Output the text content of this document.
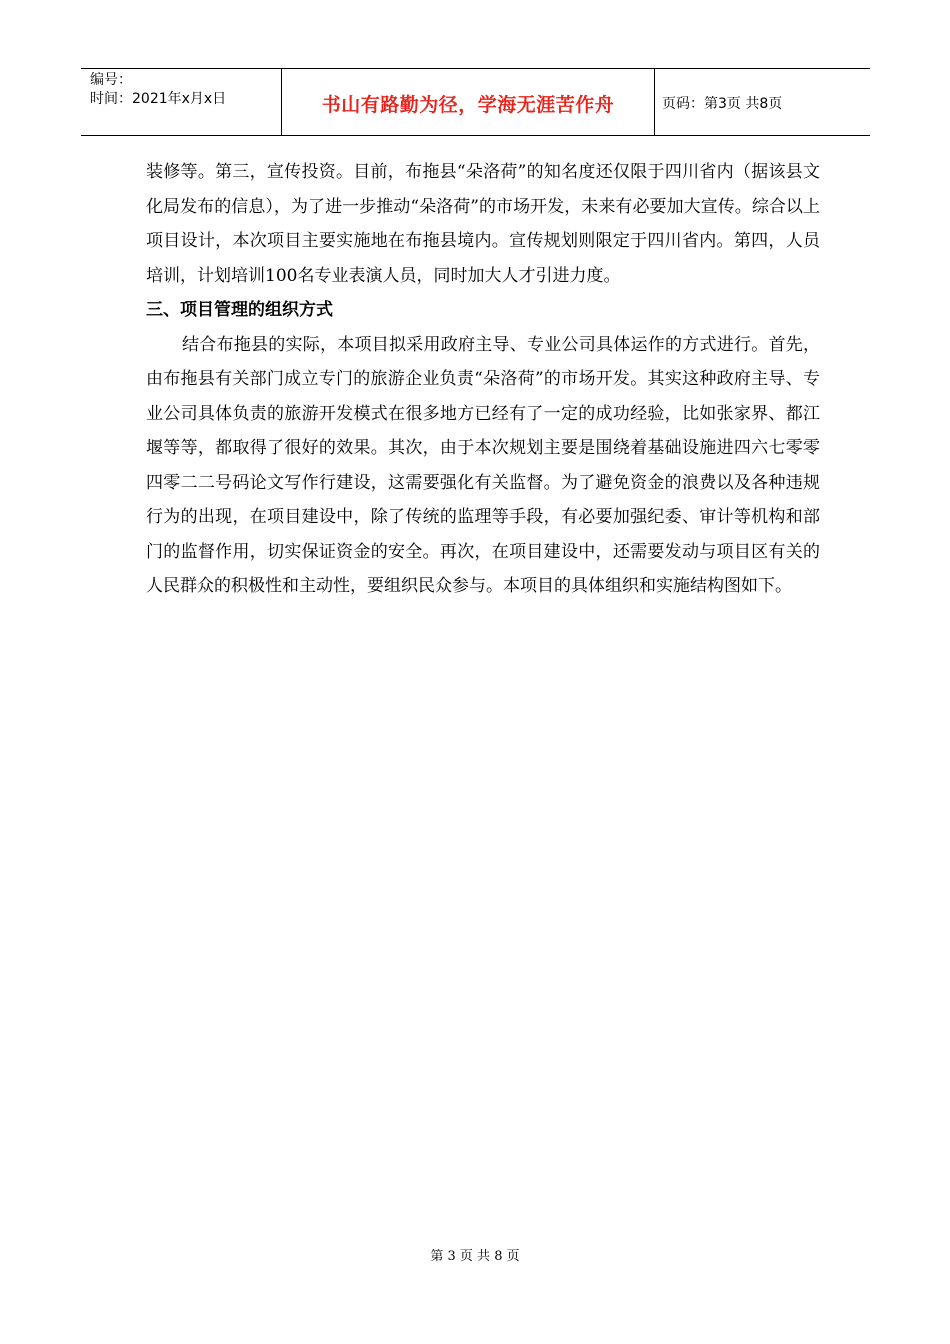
编号：
时间：2021年x月x日	书山有路勤为径，学海无涯苦作舟	页码：第3页 共8页

装修等。第三，宣传投资。目前，布拖县“朵洛荷”的知名度还仅限于四川省内（据该县文化局发布的信息），为了进一步推动“朵洛荷”的市场开发，未来有必要加大宣传。综合以上项目设计，本次项目主要实施地在布拖县境内。宣传规划则限定于四川省内。第四，人员培训，计划培训100名专业表演人员，同时加大人才引进力度。

三、项目管理的组织方式

结合布拖县的实际，本项目拟采用政府主导、专业公司具体运作的方式进行。首先，由布拖县有关部门成立专门的旅游企业负责“朵洛荷”的市场开发。其实这种政府主导、专业公司具体负责的旅游开发模式在很多地方已经有了一定的成功经验，比如张家界、都江堰等等，都取得了很好的效果。其次，由于本次规划主要是围绕着基础设施进四六七零零四零二二号码论文写作行建设，这需要强化有关监督。为了避免资金的浪费以及各种违规行为的出现，在项目建设中，除了传统的监理等手段，有必要加强纪委、审计等机构和部门的监督作用，切实保证资金的安全。再次，在项目建设中，还需要发动与项目区有关的人民群众的积极性和主动性，要组织民众参与。本项目的具体组织和实施结构图如下。

第 3 页 共 8 页
